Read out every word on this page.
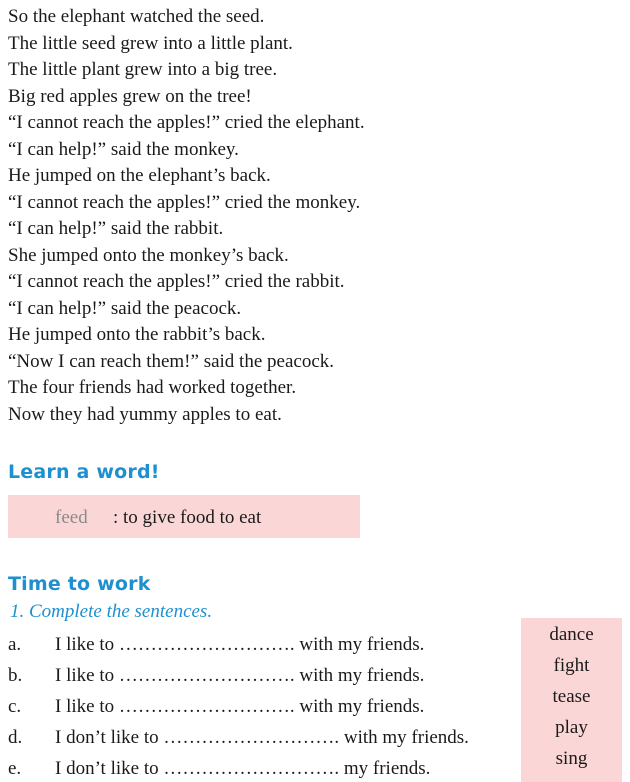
So the elephant watched the seed.
The little seed grew into a little plant.
The little plant grew into a big tree.
Big red apples grew on the tree!
“I cannot reach the apples!” cried the elephant.
“I can help!” said the monkey.
He jumped on the elephant’s back.
“I cannot reach the apples!” cried the monkey.
“I can help!” said the rabbit.
She jumped onto the monkey’s back.
“I cannot reach the apples!” cried the rabbit.
“I can help!” said the peacock.
He jumped onto the rabbit’s back.
“Now I can reach them!” said the peacock.
The four friends had worked together.
Now they had yummy apples to eat.
Learn a word!
feed : to give food to eat
Time to work
1. Complete the sentences.
a. I like to ………………………. with my friends.
b. I like to ………………………. with my friends.
c. I like to ………………………. with my friends.
d. I don’t like to ………………………. with my friends.
e. I don’t like to ………………………. my friends.
dance
fight
tease
play
sing
